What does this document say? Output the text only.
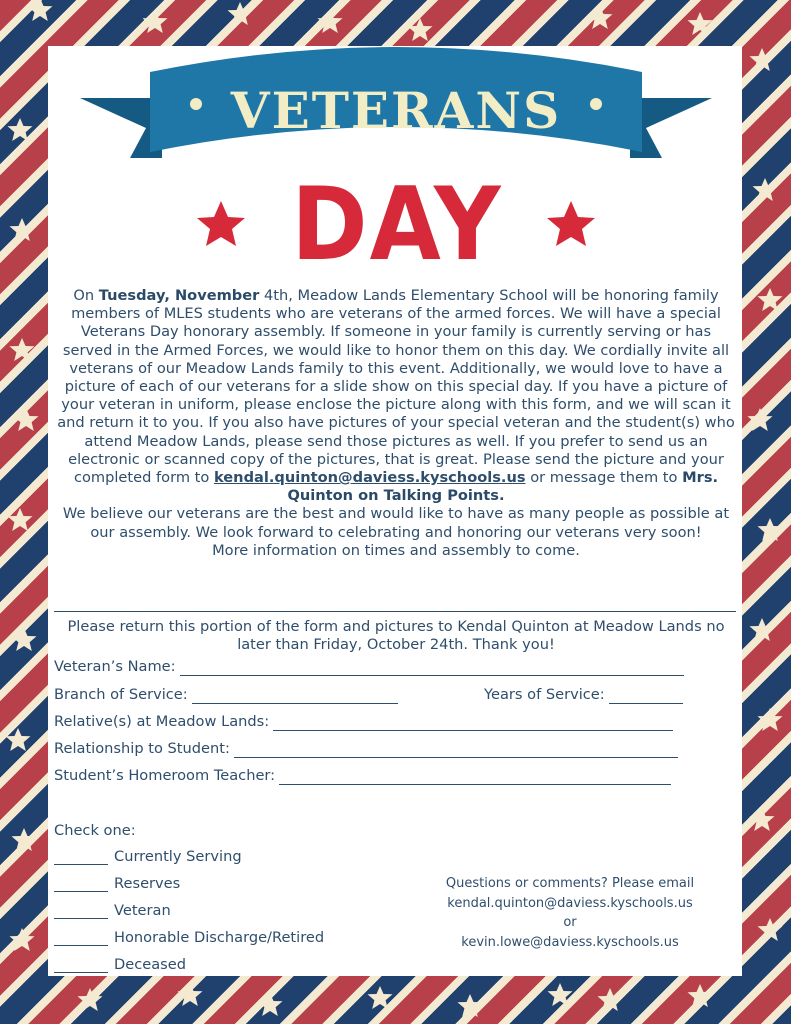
VETERANS
DAY

On Tuesday, November 4th, Meadow Lands Elementary School will be honoring family members of MLES students who are veterans of the armed forces. We will have a special Veterans Day honorary assembly. If someone in your family is currently serving or has served in the Armed Forces, we would like to honor them on this day. We cordially invite all veterans of our Meadow Lands family to this event. Additionally, we would love to have a picture of each of our veterans for a slide show on this special day. If you have a picture of your veteran in uniform, please enclose the picture along with this form, and we will scan it and return it to you. If you also have pictures of your special veteran and the student(s) who attend Meadow Lands, please send those pictures as well. If you prefer to send us an electronic or scanned copy of the pictures, that is great. Please send the picture and your completed form to kendal.quinton@daviess.kyschools.us or message them to Mrs. Quinton on Talking Points.

We believe our veterans are the best and would like to have as many people as possible at our assembly. We look forward to celebrating and honoring our veterans very soon!

More information on times and assembly to come.

Please return this portion of the form and pictures to Kendal Quinton at Meadow Lands no later than Friday, October 24th. Thank you!
Veteran’s Name:
Branch of Service:	Years of Service:
Relative(s) at Meadow Lands:
Relationship to Student:
Student’s Homeroom Teacher:
Check one:
Currently Serving
Reserves
Veteran
Honorable Discharge/Retired
Deceased
Questions or comments? Please email
kendal.quinton@daviess.kyschools.us
or
kevin.lowe@daviess.kyschools.us
